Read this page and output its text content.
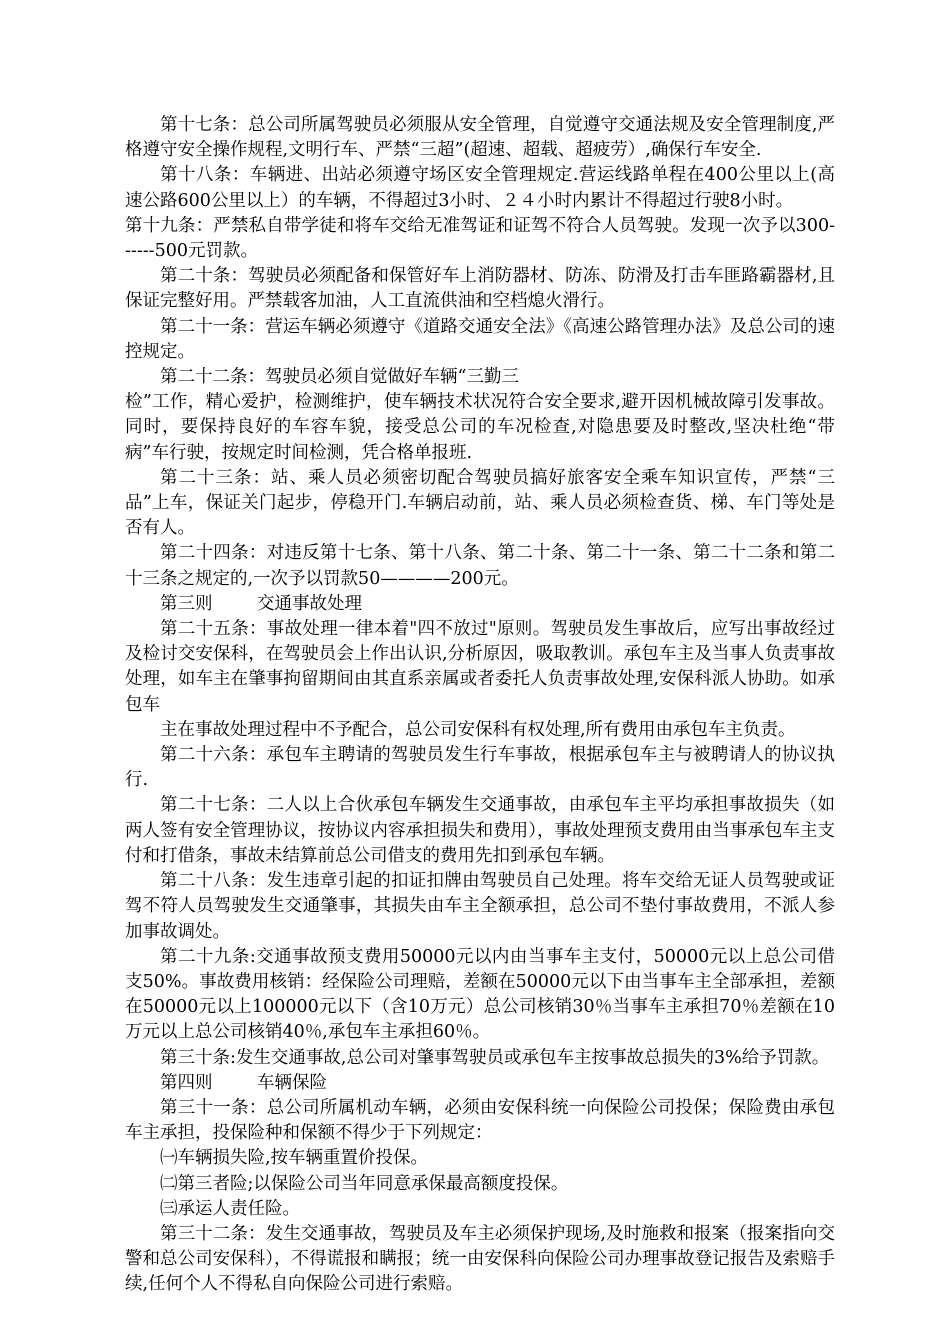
第十七条：总公司所属驾驶员必须服从安全管理，自觉遵守交通法规及安全管理制度,严格遵守安全操作规程,文明行车、严禁“三超”(超速、超载、超疲劳）,确保行车安全.

第十八条：车辆进、出站必须遵守场区安全管理规定.营运线路单程在400公里以上(高速公路600公里以上）的车辆，不得超过3小时、２４小时内累计不得超过行驶8小时。

第十九条：严禁私自带学徒和将车交给无准驾证和证驾不符合人员驾驶。发现一次予以300------500元罚款。

第二十条：驾驶员必须配备和保管好车上消防器材、防冻、防滑及打击车匪路霸器材,且保证完整好用。严禁载客加油，人工直流供油和空档熄火滑行。

第二十一条：营运车辆必须遵守《道路交通安全法》《高速公路管理办法》及总公司的速控规定。

第二十二条：驾驶员必须自觉做好车辆“三勤三

检”工作，精心爱护，检测维护，使车辆技术状况符合安全要求,避开因机械故障引发事故。同时，要保持良好的车容车貌，接受总公司的车况检查,对隐患要及时整改,坚决杜绝“带病”车行驶，按规定时间检测，凭合格单报班.

第二十三条：站、乘人员必须密切配合驾驶员搞好旅客安全乘车知识宣传，严禁“三品”上车，保证关门起步，停稳开门.车辆启动前，站、乘人员必须检查货、梯、车门等处是否有人。

第二十四条：对违反第十七条、第十八条、第二十条、第二十一条、第二十二条和第二十三条之规定的,一次予以罚款50————200元。

第三则        交通事故处理

第二十五条：事故处理一律本着"四不放过"原则。驾驶员发生事故后，应写出事故经过及检讨交安保科，在驾驶员会上作出认识,分析原因，吸取教训。承包车主及当事人负责事故处理，如车主在肇事拘留期间由其直系亲属或者委托人负责事故处理,安保科派人协助。如承包车

主在事故处理过程中不予配合，总公司安保科有权处理,所有费用由承包车主负责。

第二十六条：承包车主聘请的驾驶员发生行车事故，根据承包车主与被聘请人的协议执行.

第二十七条：二人以上合伙承包车辆发生交通事故，由承包车主平均承担事故损失（如两人签有安全管理协议，按协议内容承担损失和费用），事故处理预支费用由当事承包车主支付和打借条，事故未结算前总公司借支的费用先扣到承包车辆。

第二十八条：发生违章引起的扣证扣牌由驾驶员自己处理。将车交给无证人员驾驶或证驾不符人员驾驶发生交通肇事，其损失由车主全额承担，总公司不垫付事故费用，不派人参加事故调处。

第二十九条:交通事故预支费用50000元以内由当事车主支付，50000元以上总公司借支50%。事故费用核销：经保险公司理赔，差额在50000元以下由当事车主全部承担，差额在50000元以上100000元以下（含10万元）总公司核销30％当事车主承担70％差额在10万元以上总公司核销40％,承包车主承担60％。

第三十条:发生交通事故,总公司对肇事驾驶员或承包车主按事故总损失的3%给予罚款。

第四则        车辆保险

第三十一条：总公司所属机动车辆，必须由安保科统一向保险公司投保；保险费由承包车主承担，投保险种和保额不得少于下列规定：

㈠车辆损失险,按车辆重置价投保。

㈡第三者险;以保险公司当年同意承保最高额度投保。

㈢承运人责任险。

第三十二条：发生交通事故，驾驶员及车主必须保护现场,及时施救和报案（报案指向交警和总公司安保科），不得谎报和瞒报；统一由安保科向保险公司办理事故登记报告及索赔手续,任何个人不得私自向保险公司进行索赔。
